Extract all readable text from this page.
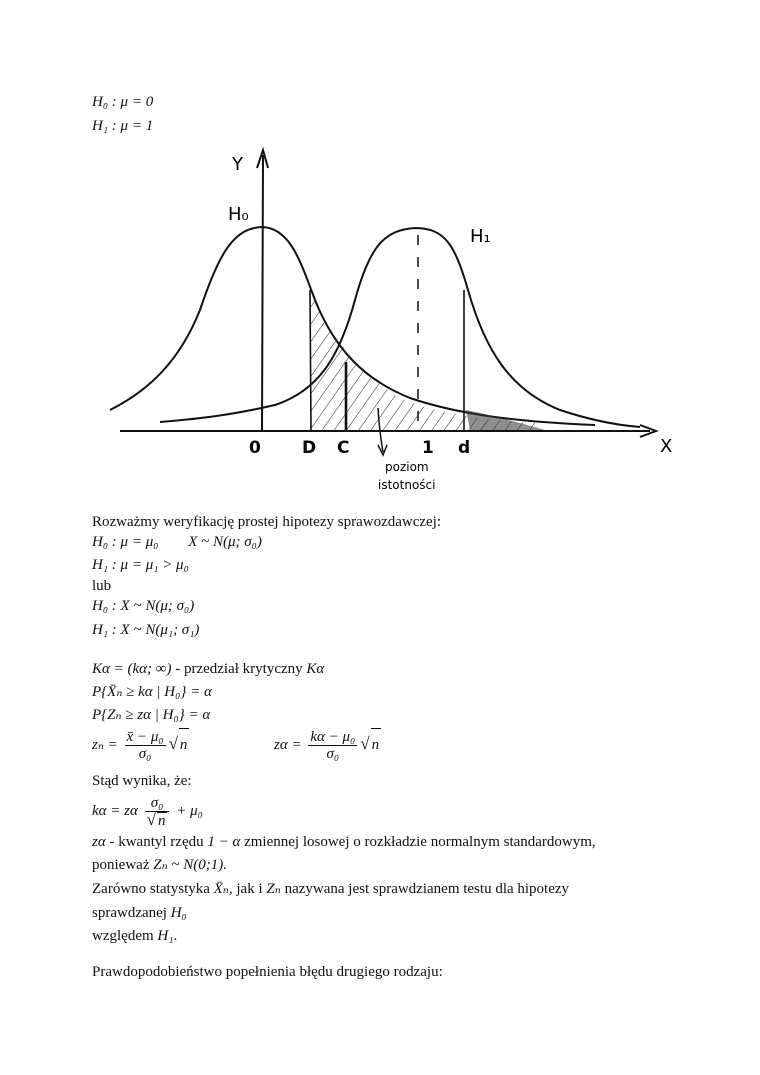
H₀ : μ = 0
H₁ : μ = 1
Y
X
H₀
H₁
0 D C	1 d
poziom
istotności
Rozważmy weryfikację prostej hipotezy sprawozdawczej:
H₀ : μ = μ₀ X ~ N(μ; σ₀)
H₁ : μ = μ₁ > μ₀
lub
H₀ : X ~ N(μ; σ₀)
H₁ : X ~ N(μ₁; σ₁)
Kα = (kα; ∞) - przedział krytyczny Kα
P{X̄ₙ ≥ kα | H₀} = α
P{Zₙ ≥ zα | H₀} = α
$z_n = \frac{\text{x̄ − μ₀}}{\text{σ₀}}$ √ n	$z\alpha = \frac{\text{kα − μ₀}}{\text{σ₀}}$ √ n
Stąd wynika, że:
kα = zα $\frac{\text{σ₀}}{√ n} + \mu_0$
zα - kwantyl rzędu 1 − α zmiennej losowej o rozkładzie normalnym standardowym,
ponieważ Zₙ ~ N(0;1).
Zarówno statystyka X̄ₙ, jak i Zₙ nazywana jest sprawdzianem testu dla hipotezy
sprawdzanej H₀
względem H₁.
Prawdopodobieństwo popełnienia błędu drugiego rodzaju:
